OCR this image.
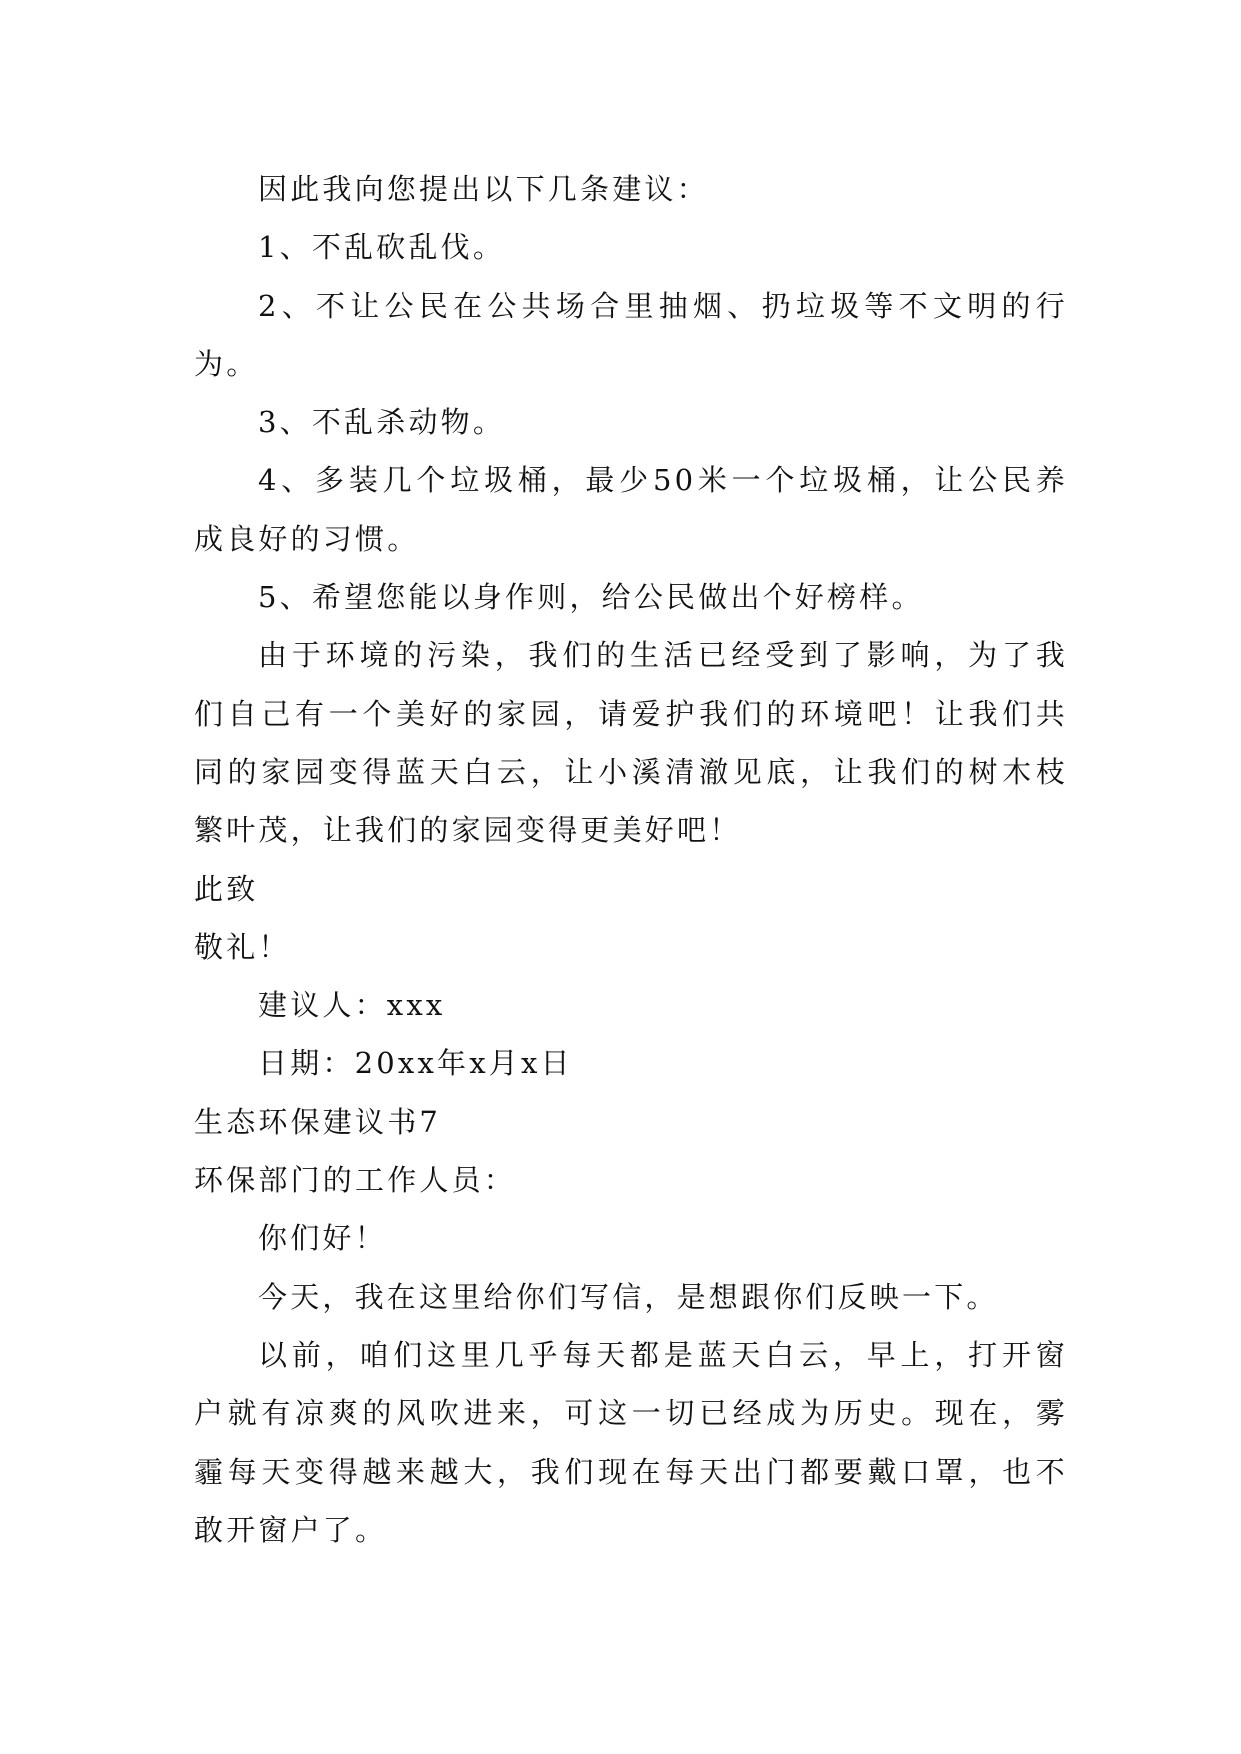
因此我向您提出以下几条建议：
1、不乱砍乱伐。
2、不让公民在公共场合里抽烟、扔垃圾等不文明的行
为。
3、不乱杀动物。
4、多装几个垃圾桶，最少50米一个垃圾桶，让公民养
成良好的习惯。
5、希望您能以身作则，给公民做出个好榜样。
由于环境的污染，我们的生活已经受到了影响，为了我
们自己有一个美好的家园，请爱护我们的环境吧！让我们共
同的家园变得蓝天白云，让小溪清澈见底，让我们的树木枝
繁叶茂，让我们的家园变得更美好吧！
此致
敬礼！
建议人：xxx
日期：20xx年x月x日
生态环保建议书7
环保部门的工作人员：
你们好！
今天，我在这里给你们写信，是想跟你们反映一下。
以前，咱们这里几乎每天都是蓝天白云，早上，打开窗
户就有凉爽的风吹进来，可这一切已经成为历史。现在，雾
霾每天变得越来越大，我们现在每天出门都要戴口罩，也不
敢开窗户了。
